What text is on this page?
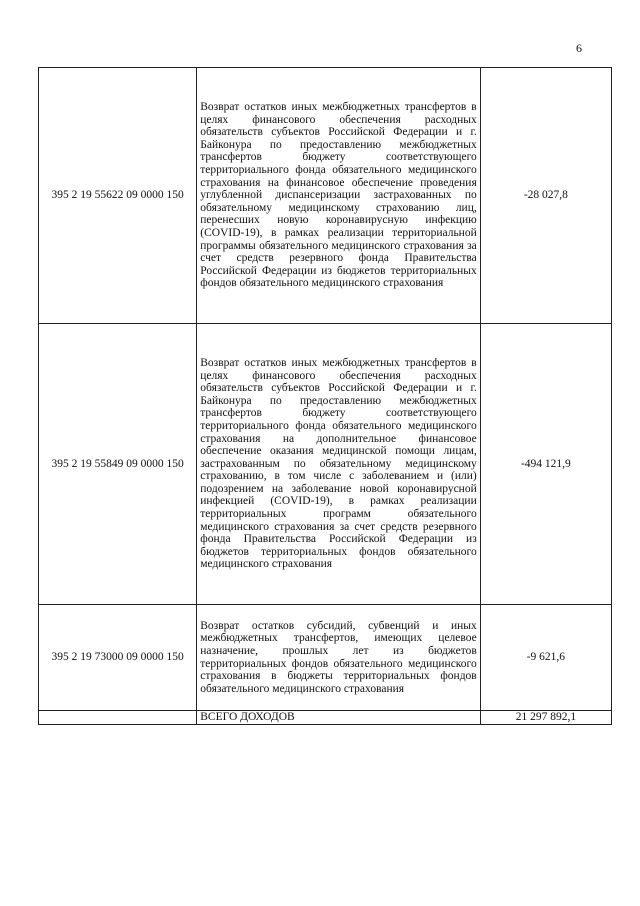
6
395 2 19 55622 09 0000 150	Возврат остатков иных межбюджетных трансфертов в целях финансового обеспечения расходных обязательств субъектов Российской Федерации и г. Байконура по предоставлению межбюджетных трансфертов бюджету соответствующего территориального фонда обязательного медицинского страхования на финансовое обеспечение проведения углубленной диспансеризации застрахованных по обязательному медицинскому страхованию лиц, перенесших новую коронавирусную инфекцию (COVID-19), в рамках реализации территориальной программы обязательного медицинского страхования за счет средств резервного фонда Правительства Российской Федерации из бюджетов территориальных фондов обязательного медицинского страхования	-28 027,8
395 2 19 55849 09 0000 150	Возврат остатков иных межбюджетных трансфертов в целях финансового обеспечения расходных обязательств субъектов Российской Федерации и г. Байконура по предоставлению межбюджетных трансфертов бюджету соответствующего территориального фонда обязательного медицинского страхования на дополнительное финансовое обеспечение оказания медицинской помощи лицам, застрахованным по обязательному медицинскому страхованию, в том числе с заболеванием и (или) подозрением на заболевание новой коронавирусной инфекцией (COVID-19), в рамках реализации территориальных программ обязательного медицинского страхования за счет средств резервного фонда Правительства Российской Федерации из бюджетов территориальных фондов обязательного медицинского страхования	-494 121,9
395 2 19 73000 09 0000 150	Возврат остатков субсидий, субвенций и иных межбюджетных трансфертов, имеющих целевое назначение, прошлых лет из бюджетов территориальных фондов обязательного медицинского страхования в бюджеты территориальных фондов обязательного медицинского страхования	-9 621,6
	ВСЕГО ДОХОДОВ	21 297 892,1
